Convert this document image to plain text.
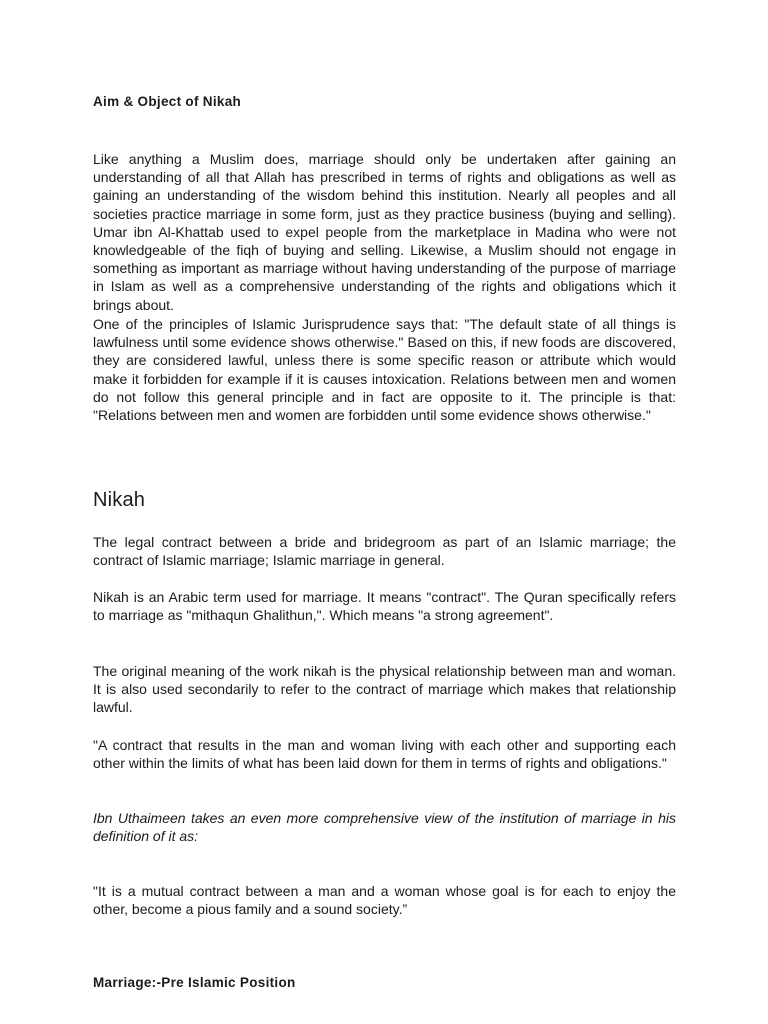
Aim & Object of Nikah

Like anything a Muslim does, marriage should only be undertaken after gaining an understanding of all that Allah has prescribed in terms of rights and obligations as well as gaining an understanding of the wisdom behind this institution. Nearly all peoples and all societies practice marriage in some form, just as they practice business (buying and selling). Umar ibn Al-Khattab used to expel people from the marketplace in Madina who were not knowledgeable of the fiqh of buying and selling. Likewise, a Muslim should not engage in something as important as marriage without having understanding of the purpose of marriage in Islam as well as a comprehensive understanding of the rights and obligations which it brings about.

One of the principles of Islamic Jurisprudence says that: "The default state of all things is lawfulness until some evidence shows otherwise." Based on this, if new foods are discovered, they are considered lawful, unless there is some specific reason or attribute which would make it forbidden for example if it is causes intoxication. Relations between men and women do not follow this general principle and in fact are opposite to it. The principle is that: "Relations between men and women are forbidden until some evidence shows otherwise."

Nikah

The legal contract between a bride and bridegroom as part of an Islamic marriage; the contract of Islamic marriage; Islamic marriage in general.

Nikah is an Arabic term used for marriage. It means "contract". The Quran specifically refers to marriage as "mithaqun Ghalithun,". Which means "a strong agreement".

The original meaning of the work nikah is the physical relationship between man and woman. It is also used secondarily to refer to the contract of marriage which makes that relationship lawful.

"A contract that results in the man and woman living with each other and supporting each other within the limits of what has been laid down for them in terms of rights and obligations."

Ibn Uthaimeen takes an even more comprehensive view of the institution of marriage in his definition of it as:

"It is a mutual contract between a man and a woman whose goal is for each to enjoy the other, become a pious family and a sound society.”

Marriage:-Pre Islamic Position
